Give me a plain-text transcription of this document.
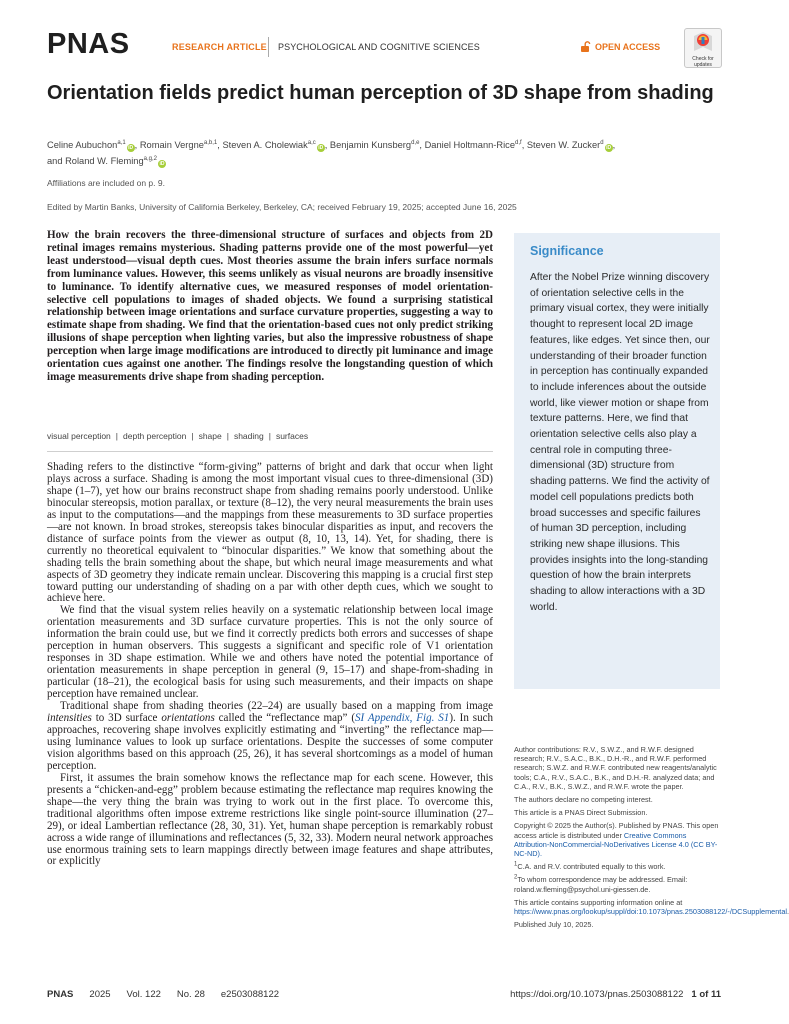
PNAS	RESEARCH ARTICLE PSYCHOLOGICAL AND COGNITIVE SCIENCES	OPEN ACCESS
Check for
updates
Orientation fields predict human perception of 3D shape from shading
Celine Aubuchon$^{a,1}$iD , Romain Vergne$^{a,b,1}$, Steven A. Cholewiak$^{a,c}$iD , Benjamin Kunsberg$^{d,e}$, Daniel Holtmann-Rice$^{d,f}$, Steven W. Zucker$^d$iD ,
and Roland W. Fleming$^{a,g,2}$iD
Affiliations are included on p. 9.
Edited by Martin Banks, University of California Berkeley, Berkeley, CA; received February 19, 2025; accepted June 16, 2025
How the brain recovers the three-dimensional structure of surfaces and objects from 2D retinal images remains mysterious. Shading patterns provide one of the most powerful—yet least understood—visual depth cues. Most theories assume the brain infers surface normals from luminance values. However, this seems unlikely as visual neurons are broadly insensitive to luminance. To identify alternative cues, we measured responses of model orientation-selective cell populations to images of shaded objects. We found a surprising statistical relationship between image orientations and surface curvature properties, suggesting a way to estimate shape from shading. We find that the orientation-based cues not only predict striking illusions of shape perception when lighting varies, but also the impressive robustness of shape perception when large image modifications are introduced to directly pit luminance and image orientation cues against one another. The findings resolve the longstanding question of which image measurements drive shape from shading perception.
visual perception | depth perception | shape | shading | surfaces

Shading refers to the distinctive “form-giving” patterns of bright and dark that occur when light plays across a surface. Shading is among the most important visual cues to three-dimensional (3D) shape (1–7), yet how our brains reconstruct shape from shading remains poorly understood. Unlike binocular stereopsis, motion parallax, or texture (8–12), the very neural measurements the brain uses as input to the computations—and the mappings from these measurements to 3D surface properties—are not known. In broad strokes, stereopsis takes binocular disparities as input, and recovers the distance of surface points from the viewer as output (8, 10, 13, 14). Yet, for shading, there is currently no theoretical equivalent to “binocular disparities.” We know that something about the shading tells the brain something about the shape, but which neural image measurements and what aspects of 3D geometry they indicate remain unclear. Discovering this mapping is a crucial first step toward putting our understanding of shading on a par with other depth cues, which we sought to achieve here.

We find that the visual system relies heavily on a systematic relationship between local image orientation measurements and 3D surface curvature properties. This is not the only source of information the brain could use, but we find it correctly predicts both errors and successes of shape perception in human observers. This suggests a significant and specific role of V1 orientation responses in 3D shape estimation. While we and others have noted the potential importance of orientation measurements in shape perception in general (9, 15–17) and shape-from-shading in particular (18–21), the ecological basis for using such measurements, and their impacts on shape perception have remained unclear.

Traditional shape from shading theories (22–24) are usually based on a mapping from image intensities to 3D surface orientations called the “reflectance map” (SI Appendix, Fig. S1). In such approaches, recovering shape involves explicitly estimating and “inverting” the reflectance map—using luminance values to look up surface orientations. Despite the successes of some computer vision algorithms based on this approach (25, 26), it has several shortcomings as a model of human perception.

First, it assumes the brain somehow knows the reflectance map for each scene. However, this presents a “chicken-and-egg” problem because estimating the reflectance map requires knowing the shape—the very thing the brain was trying to work out in the first place. To overcome this, traditional algorithms often impose extreme restrictions like single point-source illumination (27–29), or ideal Lambertian reflectance (28, 30, 31). Yet, human shape perception is remarkably robust across a wide range of illuminations and reflectances (5, 32, 33). Modern neural network approaches use enormous training sets to learn mappings directly between image features and shape attributes, or explicitly

Significance
After the Nobel Prize winning discovery of orientation selective cells in the primary visual cortex, they were initially thought to represent local 2D image features, like edges. Yet since then, our understanding of their broader function in perception has continually expanded to include inferences about the outside world, like viewer motion or shape from texture patterns. Here, we find that orientation selective cells also play a central role in computing three-dimensional (3D) structure from shading patterns. We find the activity of model cell populations predicts both broad successes and specific failures of human 3D perception, including striking new shape illusions. This provides insights into the long-standing question of how the brain interprets shading to allow interactions with a 3D world.

Author contributions: R.V., S.W.Z., and R.W.F. designed research; R.V., S.A.C., B.K., D.H.-R., and R.W.F. performed research; S.W.Z. and R.W.F. contributed new reagents/analytic tools; C.A., R.V., S.A.C., B.K., and D.H.-R. analyzed data; and C.A., R.V., B.K., S.W.Z., and R.W.F. wrote the paper.

The authors declare no competing interest.

This article is a PNAS Direct Submission.

Copyright © 2025 the Author(s). Published by PNAS. This open access article is distributed under Creative Commons Attribution-NonCommercial-NoDerivatives License 4.0 (CC BY-NC-ND).

$^1$C.A. and R.V. contributed equally to this work.

$^2$To whom correspondence may be addressed. Email: roland.w.fleming@psychol.uni-giessen.de.

This article contains supporting information online at https://www.pnas.org/lookup/suppl/doi:10.1073/pnas.2503088122/-/DCSupplemental.

Published July 10, 2025.

PNAS 2025 Vol. 122 No. 28 e2503088122	https://doi.org/10.1073/pnas.2503088122 1 of 11
